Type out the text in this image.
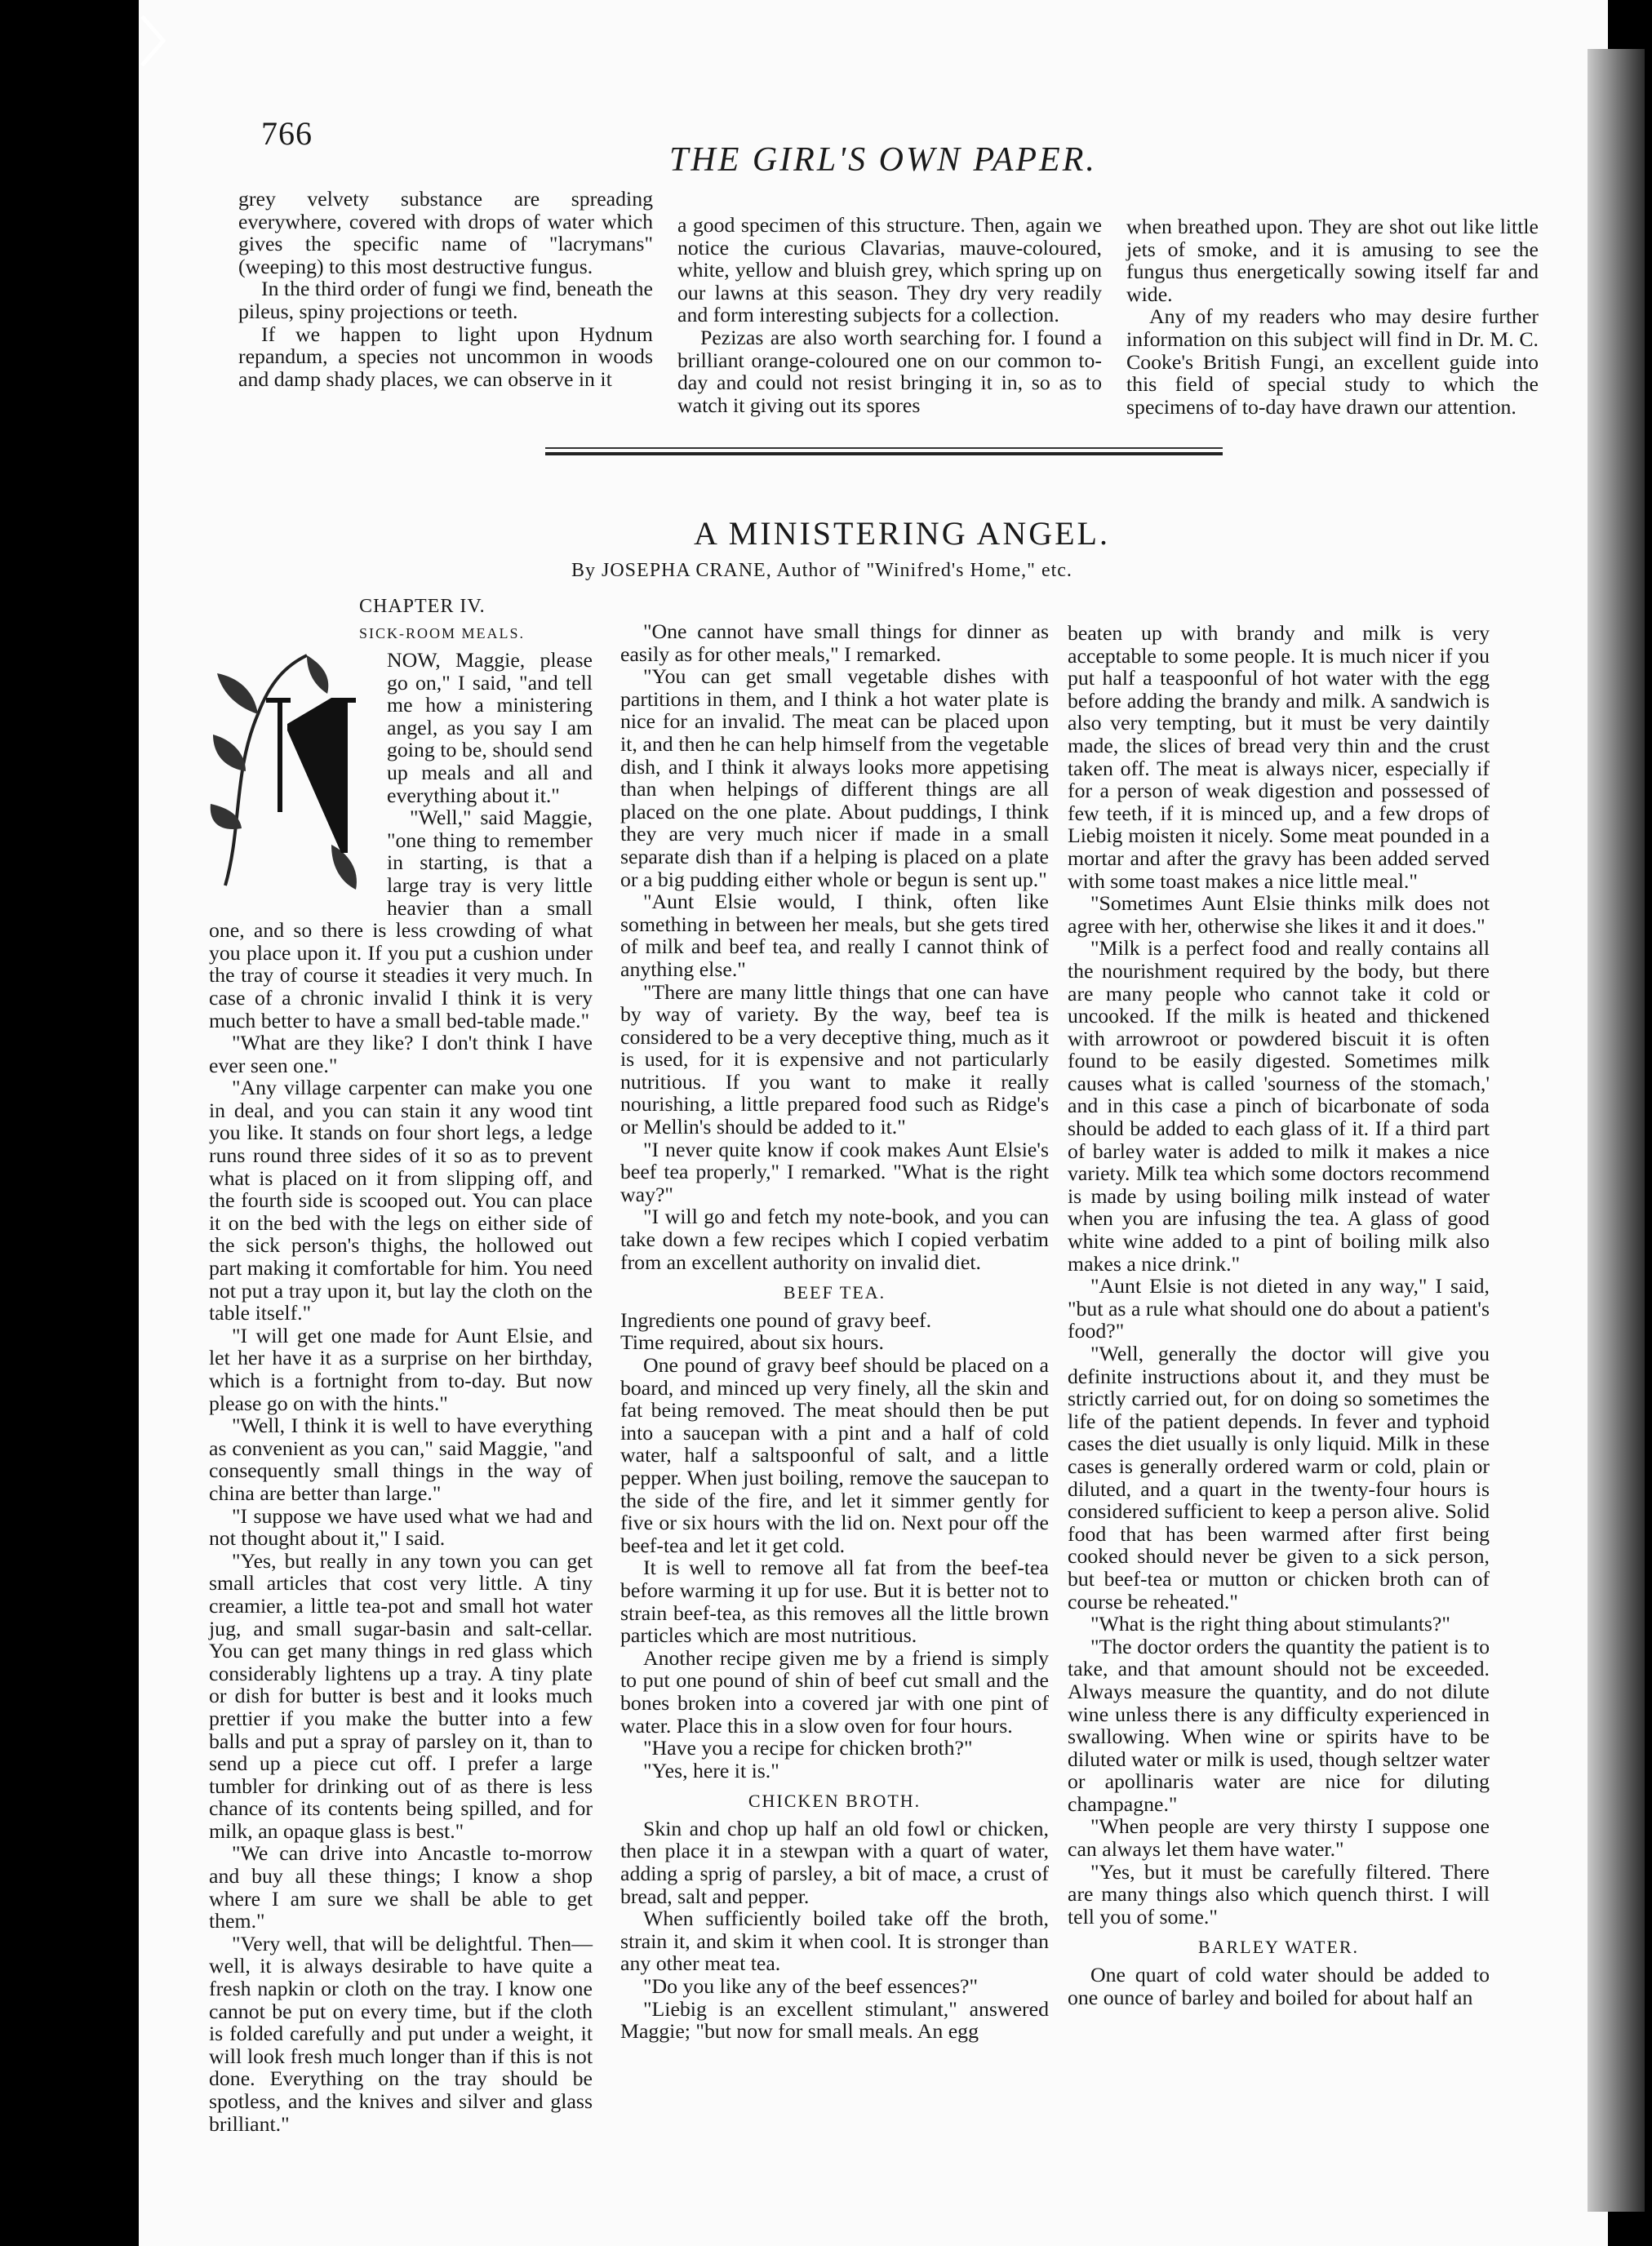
766
THE GIRL'S OWN PAPER.

grey velvety substance are spreading everywhere, covered with drops of water which gives the specific name of "lacrymans" (weeping) to this most destructive fungus.

In the third order of fungi we find, beneath the pileus, spiny projections or teeth.

If we happen to light upon Hydnum repandum, a species not uncommon in woods and damp shady places, we can observe in it

a good specimen of this structure. Then, again we notice the curious Clavarias, mauve-coloured, white, yellow and bluish grey, which spring up on our lawns at this season. They dry very readily and form interesting subjects for a collection.

Pezizas are also worth searching for. I found a brilliant orange-coloured one on our common to-day and could not resist bringing it in, so as to watch it giving out its spores

when breathed upon. They are shot out like little jets of smoke, and it is amusing to see the fungus thus energetically sowing itself far and wide.

Any of my readers who may desire further information on this subject will find in Dr. M. C. Cooke's British Fungi, an excellent guide into this field of special study to which the specimens of to-day have drawn our attention.

A MINISTERING ANGEL.
By JOSEPHA CRANE, Author of "Winifred's Home," etc.
CHAPTER IV.
SICK-ROOM MEALS.

NOW, Maggie, please go on," I said, "and tell me how a ministering angel, as you say I am going to be, should send up meals and all and everything about it."

"Well," said Maggie, "one thing to remember in starting, is that a large tray is very little heavier than a small one, and so there is less crowding of what you place upon it. If you put a cushion under the tray of course it steadies it very much. In case of a chronic invalid I think it is very much better to have a small bed-table made."

"What are they like? I don't think I have ever seen one."

"Any village carpenter can make you one in deal, and you can stain it any wood tint you like. It stands on four short legs, a ledge runs round three sides of it so as to prevent what is placed on it from slipping off, and the fourth side is scooped out. You can place it on the bed with the legs on either side of the sick person's thighs, the hollowed out part making it comfortable for him. You need not put a tray upon it, but lay the cloth on the table itself."

"I will get one made for Aunt Elsie, and let her have it as a surprise on her birthday, which is a fortnight from to-day. But now please go on with the hints."

"Well, I think it is well to have everything as convenient as you can," said Maggie, "and consequently small things in the way of china are better than large."

"I suppose we have used what we had and not thought about it," I said.

"Yes, but really in any town you can get small articles that cost very little. A tiny creamier, a little tea-pot and small hot water jug, and small sugar-basin and salt-cellar. You can get many things in red glass which considerably lightens up a tray. A tiny plate or dish for butter is best and it looks much prettier if you make the butter into a few balls and put a spray of parsley on it, than to send up a piece cut off. I prefer a large tumbler for drinking out of as there is less chance of its contents being spilled, and for milk, an opaque glass is best."

"We can drive into Ancastle to-morrow and buy all these things; I know a shop where I am sure we shall be able to get them."

"Very well, that will be delightful. Then—well, it is always desirable to have quite a fresh napkin or cloth on the tray. I know one cannot be put on every time, but if the cloth is folded carefully and put under a weight, it will look fresh much longer than if this is not done. Everything on the tray should be spotless, and the knives and silver and glass brilliant."

"One cannot have small things for dinner as easily as for other meals," I remarked.

"You can get small vegetable dishes with partitions in them, and I think a hot water plate is nice for an invalid. The meat can be placed upon it, and then he can help himself from the vegetable dish, and I think it always looks more appetising than when helpings of different things are all placed on the one plate. About puddings, I think they are very much nicer if made in a small separate dish than if a helping is placed on a plate or a big pudding either whole or begun is sent up."

"Aunt Elsie would, I think, often like something in between her meals, but she gets tired of milk and beef tea, and really I cannot think of anything else."

"There are many little things that one can have by way of variety. By the way, beef tea is considered to be a very deceptive thing, much as it is used, for it is expensive and not particularly nutritious. If you want to make it really nourishing, a little prepared food such as Ridge's or Mellin's should be added to it."

"I never quite know if cook makes Aunt Elsie's beef tea properly," I remarked. "What is the right way?"

"I will go and fetch my note-book, and you can take down a few recipes which I copied verbatim from an excellent authority on invalid diet.

BEEF TEA.

Ingredients one pound of gravy beef.

Time required, about six hours.

One pound of gravy beef should be placed on a board, and minced up very finely, all the skin and fat being removed. The meat should then be put into a saucepan with a pint and a half of cold water, half a saltspoonful of salt, and a little pepper. When just boiling, remove the saucepan to the side of the fire, and let it simmer gently for five or six hours with the lid on. Next pour off the beef-tea and let it get cold.

It is well to remove all fat from the beef-tea before warming it up for use. But it is better not to strain beef-tea, as this removes all the little brown particles which are most nutritious.

Another recipe given me by a friend is simply to put one pound of shin of beef cut small and the bones broken into a covered jar with one pint of water. Place this in a slow oven for four hours.

"Have you a recipe for chicken broth?"

"Yes, here it is."

CHICKEN BROTH.

Skin and chop up half an old fowl or chicken, then place it in a stewpan with a quart of water, adding a sprig of parsley, a bit of mace, a crust of bread, salt and pepper.

When sufficiently boiled take off the broth, strain it, and skim it when cool. It is stronger than any other meat tea.

"Do you like any of the beef essences?"

"Liebig is an excellent stimulant," answered Maggie; "but now for small meals. An egg

beaten up with brandy and milk is very acceptable to some people. It is much nicer if you put half a teaspoonful of hot water with the egg before adding the brandy and milk. A sandwich is also very tempting, but it must be very daintily made, the slices of bread very thin and the crust taken off. The meat is always nicer, especially if for a person of weak digestion and possessed of few teeth, if it is minced up, and a few drops of Liebig moisten it nicely. Some meat pounded in a mortar and after the gravy has been added served with some toast makes a nice little meal."

"Sometimes Aunt Elsie thinks milk does not agree with her, otherwise she likes it and it does."

"Milk is a perfect food and really contains all the nourishment required by the body, but there are many people who cannot take it cold or uncooked. If the milk is heated and thickened with arrowroot or powdered biscuit it is often found to be easily digested. Sometimes milk causes what is called 'sourness of the stomach,' and in this case a pinch of bicarbonate of soda should be added to each glass of it. If a third part of barley water is added to milk it makes a nice variety. Milk tea which some doctors recommend is made by using boiling milk instead of water when you are infusing the tea. A glass of good white wine added to a pint of boiling milk also makes a nice drink."

"Aunt Elsie is not dieted in any way," I said, "but as a rule what should one do about a patient's food?"

"Well, generally the doctor will give you definite instructions about it, and they must be strictly carried out, for on doing so sometimes the life of the patient depends. In fever and typhoid cases the diet usually is only liquid. Milk in these cases is generally ordered warm or cold, plain or diluted, and a quart in the twenty-four hours is considered sufficient to keep a person alive. Solid food that has been warmed after first being cooked should never be given to a sick person, but beef-tea or mutton or chicken broth can of course be reheated."

"What is the right thing about stimulants?"

"The doctor orders the quantity the patient is to take, and that amount should not be exceeded. Always measure the quantity, and do not dilute wine unless there is any difficulty experienced in swallowing. When wine or spirits have to be diluted water or milk is used, though seltzer water or apollinaris water are nice for diluting champagne."

"When people are very thirsty I suppose one can always let them have water."

"Yes, but it must be carefully filtered. There are many things also which quench thirst. I will tell you of some."

BARLEY WATER.

One quart of cold water should be added to one ounce of barley and boiled for about half an
